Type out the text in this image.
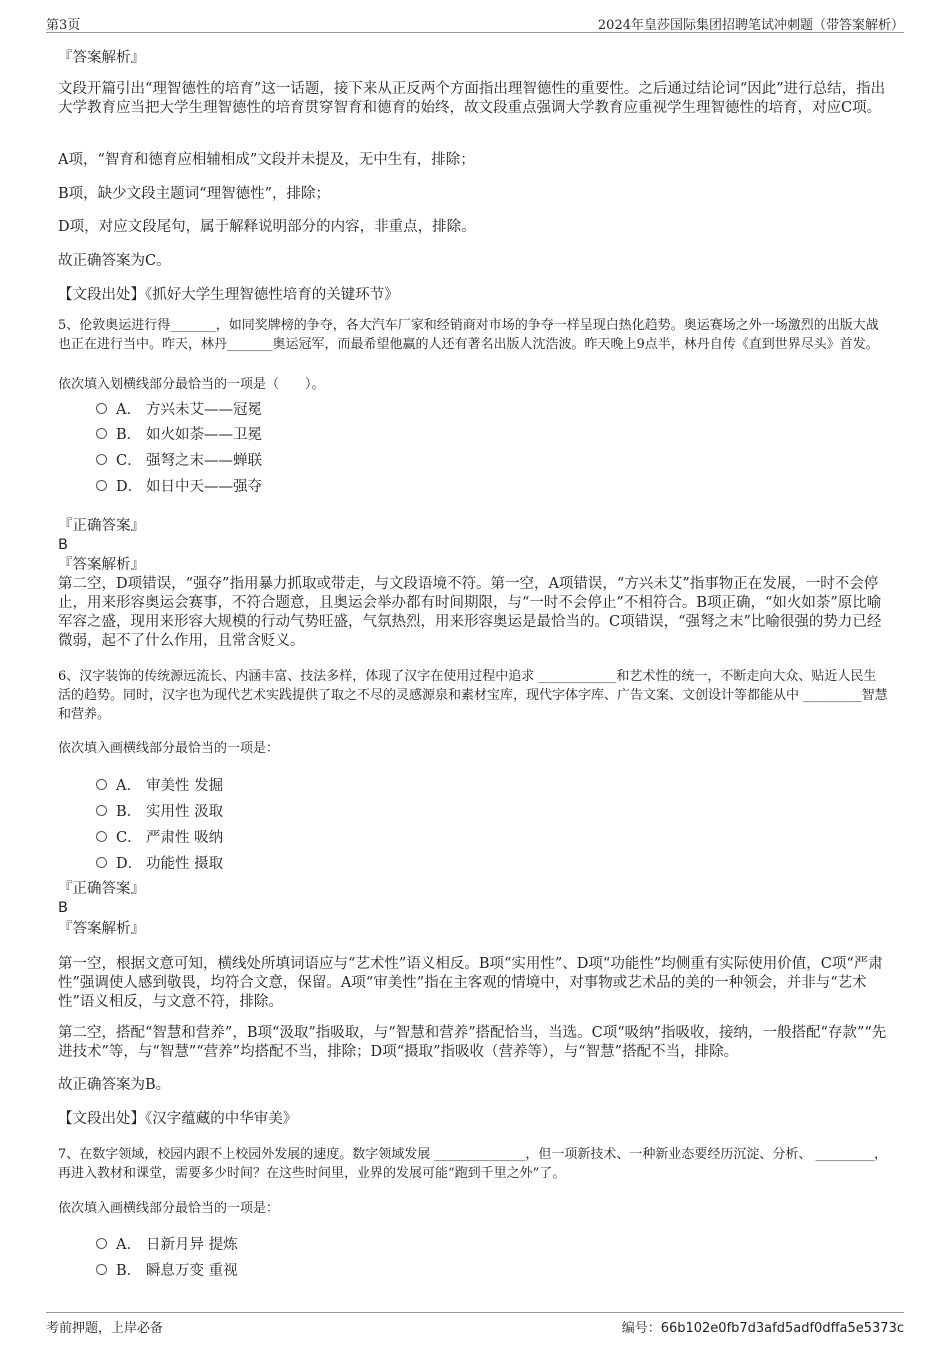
第3页	2024年皇莎国际集团招聘笔试冲刺题（带答案解析）
『答案解析』
文段开篇引出“理智德性的培育”这一话题，接下来从正反两个方面指出理智德性的重要性。之后通过结论词“因此”进行总结，指出大学教育应当把大学生理智德性的培育贯穿智育和德育的始终，故文段重点强调大学教育应重视学生理智德性的培育，对应C项。
A项，“智育和德育应相辅相成”文段并未提及，无中生有，排除；
B项，缺少文段主题词“理智德性”，排除；
D项，对应文段尾句，属于解释说明部分的内容，非重点，排除。
故正确答案为C。
【文段出处】《抓好大学生理智德性培育的关键环节》
5、伦敦奥运进行得_______，如同奖牌榜的争夺，各大汽车厂家和经销商对市场的争夺一样呈现白热化趋势。奥运赛场之外一场激烈的出版大战也正在进行当中。昨天，林丹_______奥运冠军，而最希望他赢的人还有著名出版人沈浩波。昨天晚上9点半，林丹自传《直到世界尽头》首发。
依次填入划横线部分最恰当的一项是（　　）。
A． 方兴未艾——冠冕
B． 如火如荼——卫冕
C． 强弩之末——蝉联
D． 如日中天——强夺
『正确答案』
B
『答案解析』
第二空，D项错误，“强夺”指用暴力抓取或带走，与文段语境不符。第一空，A项错误，“方兴未艾”指事物正在发展，一时不会停止，用来形容奥运会赛事，不符合题意，且奥运会举办都有时间期限，与“一时不会停止”不相符合。B项正确，“如火如荼”原比喻军容之盛，现用来形容大规模的行动气势旺盛，气氛热烈，用来形容奥运是最恰当的。C项错误，“强弩之末”比喻很强的势力已经微弱，起不了什么作用，且常含贬义。
6、汉字装饰的传统源远流长、内涵丰富、技法多样，体现了汉字在使用过程中追求 ____________和艺术性的统一，不断走向大众、贴近人民生活的趋势。同时，汉字也为现代艺术实践提供了取之不尽的灵感源泉和素材宝库，现代字体字库、广告文案、文创设计等都能从中 _________智慧和营养。
依次填入画横线部分最恰当的一项是：
A． 审美性 发掘
B． 实用性 汲取
C． 严肃性 吸纳
D． 功能性 摄取
『正确答案』
B
『答案解析』
第一空，根据文意可知，横线处所填词语应与“艺术性”语义相反。B项“实用性”、D项“功能性”均侧重有实际使用价值，C项“严肃性”强调使人感到敬畏，均符合文意，保留。A项“审美性”指在主客观的情境中，对事物或艺术品的美的一种领会，并非与“艺术性”语义相反，与文意不符，排除。
第二空，搭配“智慧和营养”，B项“汲取”指吸取，与“智慧和营养”搭配恰当，当选。C项“吸纳”指吸收，接纳，一般搭配“存款”“先进技术”等，与“智慧”“营养”均搭配不当，排除；D项“摄取”指吸收（营养等），与“智慧”搭配不当，排除。
故正确答案为B。
【文段出处】《汉字蕴藏的中华审美》
7、在数字领域，校园内跟不上校园外发展的速度。数字领域发展 ______________，但一项新技术、一种新业态要经历沉淀、分析、 _________，再进入教材和课堂，需要多少时间？在这些时间里，业界的发展可能“跑到千里之外”了。
依次填入画横线部分最恰当的一项是：
A． 日新月异 提炼
B． 瞬息万变 重视
考前押题，上岸必备	编号：66b102e0fb7d3afd5adf0dffa5e5373c
